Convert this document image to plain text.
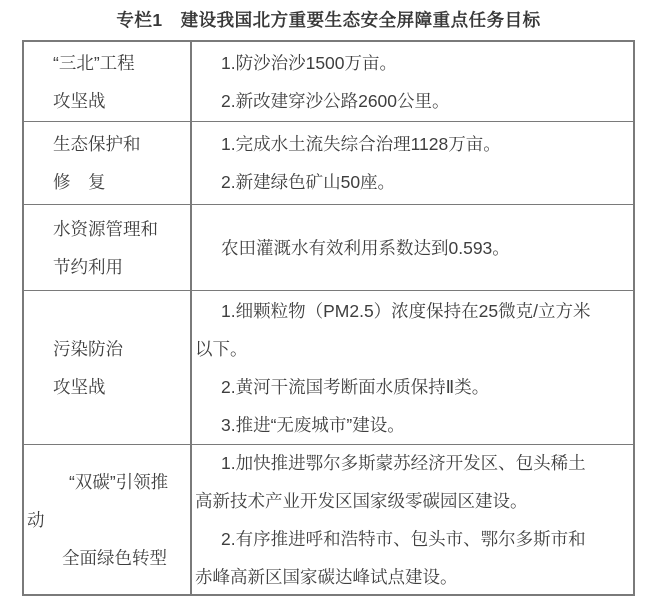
专栏1　建设我国北方重要生态安全屏障重点任务目标
“三北”工程
攻坚战
1.防沙治沙1500万亩。
2.新改建穿沙公路2600公里。
生态保护和
修　复
1.完成水土流失综合治理1128万亩。
2.新建绿色矿山50座。
水资源管理和
节约利用
农田灌溉水有效利用系数达到0.593。
污染防治
攻坚战
1.细颗粒物（PM2.5）浓度保持在25微克/立方米
以下。
2.黄河干流国考断面水质保持Ⅱ类。
3.推进“无废城市”建设。
“双碳”引领推
动
全面绿色转型
1.加快推进鄂尔多斯蒙苏经济开发区、包头稀土
高新技术产业开发区国家级零碳园区建设。
2.有序推进呼和浩特市、包头市、鄂尔多斯市和
赤峰高新区国家碳达峰试点建设。
